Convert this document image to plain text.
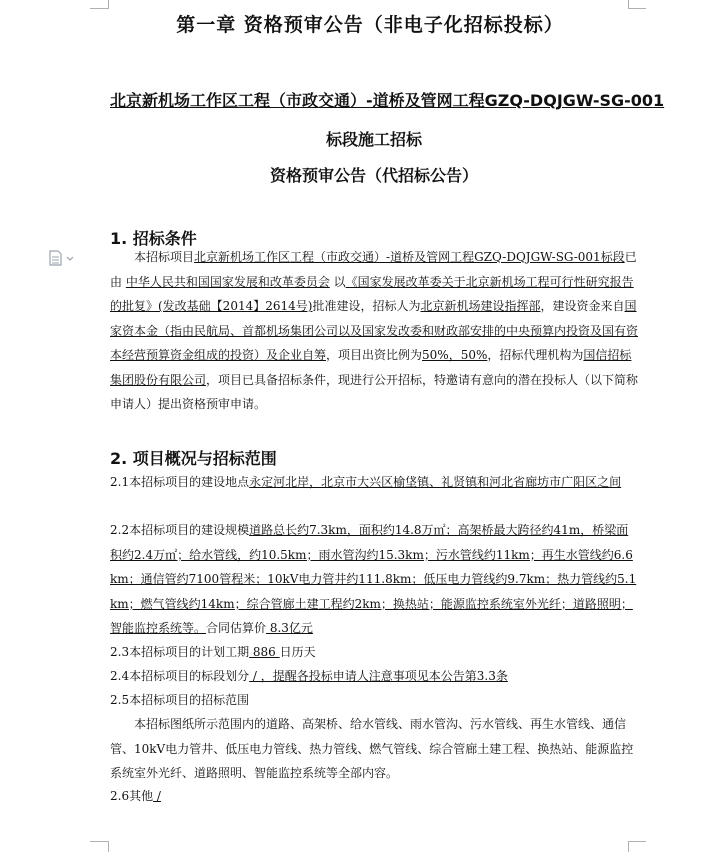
第一章 资格预审公告（非电子化招标投标）
北京新机场工作区工程（市政交通）-道桥及管网工程GZQ-DQJGW-SG-001
标段施工招标
资格预审公告（代招标公告）
1. 招标条件
本招标项目北京新机场工作区工程（市政交通）-道桥及管网工程GZQ-DQJGW-SG-001标段已由 中华人民共和国国家发展和改革委员会 以《国家发展改革委关于北京新机场工程可行性研究报告的批复》(发改基础【2014】2614号)批准建设，招标人为北京新机场建设指挥部，建设资金来自国家资本金（指由民航局、首都机场集团公司以及国家发改委和财政部安排的中央预算内投资及国有资本经营预算资金组成的投资）及企业自筹，项目出资比例为50%，50%，招标代理机构为国信招标集团股份有限公司，项目已具备招标条件，现进行公开招标，特邀请有意向的潜在投标人（以下简称申请人）提出资格预审申请。
2. 项目概况与招标范围
2.1本招标项目的建设地点永定河北岸，北京市大兴区榆垡镇、礼贤镇和河北省廊坊市广阳区之间
2.2本招标项目的建设规模道路总长约7.3km，面积约14.8万㎡；高架桥最大跨径约41m，桥梁面积约2.4万㎡；给水管线，约10.5km；雨水管沟约15.3km；污水管线约11km；再生水管线约6.6km；通信管约7100管程米；10kV电力管井约111.8km；低压电力管线约9.7km；热力管线约5.1km；燃气管线约14km；综合管廊土建工程约2km；换热站；能源监控系统室外光纤；道路照明；智能监控系统等。合同估算价 8.3亿元
2.3本招标项目的计划工期 886 日历天
2.4本招标项目的标段划分 / ，提醒各投标申请人注意事项见本公告第3.3条
2.5本招标项目的招标范围
本招标图纸所示范围内的道路、高架桥、给水管线、雨水管沟、污水管线、再生水管线、通信管、10kV电力管井、低压电力管线、热力管线、燃气管线、综合管廊土建工程、换热站、能源监控系统室外光纤、道路照明、智能监控系统等全部内容。
2.6其他 /
